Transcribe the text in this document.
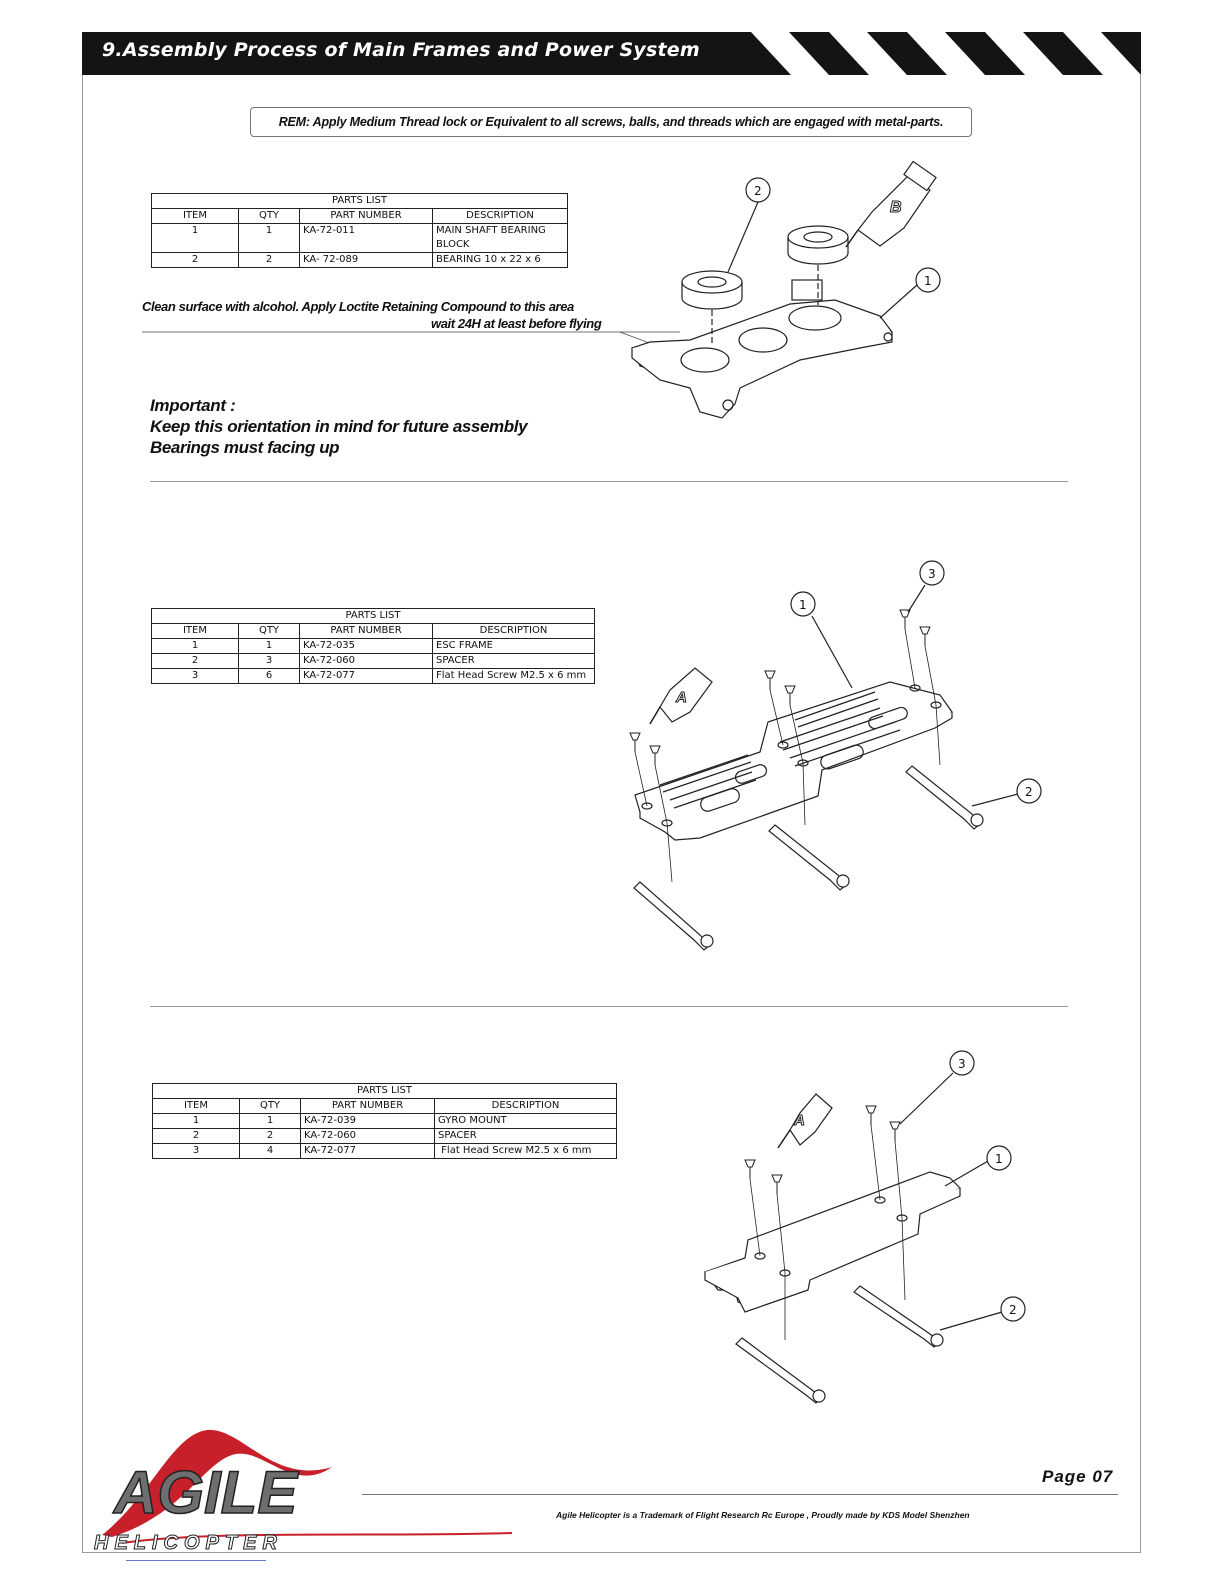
9.Assembly Process of Main Frames and Power System
REM: Apply Medium Thread lock or Equivalent to all screws, balls, and threads which are engaged with metal-parts.
PARTS LIST			
ITEM	QTY	PART NUMBER	DESCRIPTION
1	1	KA-72-011	MAIN SHAFT BEARING
BLOCK
2	2	KA- 72-089	BEARING 10 x 22 x 6
Clean surface with alcohol. Apply Loctite Retaining Compound to this area
wait 24H at least before flying
Important :
Keep this orientation in mind for future assembly
Bearings must facing up
B
2
1
PARTS LIST			
ITEM	QTY	PART NUMBER	DESCRIPTION
1	1	KA-72-035	ESC FRAME
2	3	KA-72-060	SPACER
3	6	KA-72-077	Flat Head Screw M2.5 x 6 mm
A
1
2
3
PARTS LIST			
ITEM	QTY	PART NUMBER	DESCRIPTION
1	1	KA-72-039	GYRO MOUNT
2	2	KA-72-060	SPACER
3	4	KA-72-077	Flat Head Screw M2.5 x 6 mm
A
1
2
3
AGILE
HELICOPTER
Page 07
Agile Helicopter is a Trademark of Flight Research Rc Europe , Proudly made by KDS Model Shenzhen
